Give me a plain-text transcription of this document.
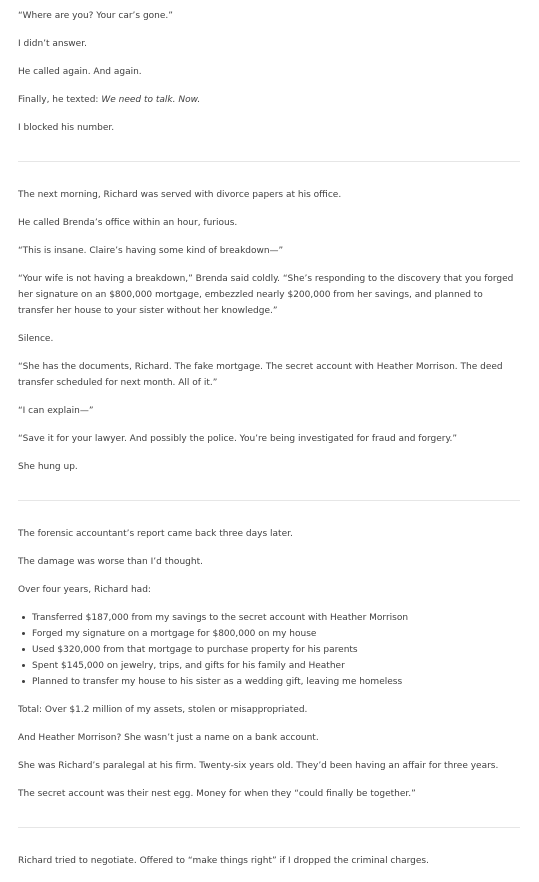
“Where are you? Your car’s gone.”

I didn’t answer.

He called again. And again.

Finally, he texted: We need to talk. Now.

I blocked his number.

The next morning, Richard was served with divorce papers at his office.

He called Brenda’s office within an hour, furious.

“This is insane. Claire’s having some kind of breakdown—”

“Your wife is not having a breakdown,” Brenda said coldly. “She’s responding to the discovery that you forged her signature on an $800,000 mortgage, embezzled nearly $200,000 from her savings, and planned to transfer her house to your sister without her knowledge.”

Silence.

“She has the documents, Richard. The fake mortgage. The secret account with Heather Morrison. The deed transfer scheduled for next month. All of it.”

“I can explain—”

“Save it for your lawyer. And possibly the police. You’re being investigated for fraud and forgery.”

She hung up.

The forensic accountant’s report came back three days later.

The damage was worse than I’d thought.

Over four years, Richard had:

Transferred $187,000 from my savings to the secret account with Heather Morrison
Forged my signature on a mortgage for $800,000 on my house
Used $320,000 from that mortgage to purchase property for his parents
Spent $145,000 on jewelry, trips, and gifts for his family and Heather
Planned to transfer my house to his sister as a wedding gift, leaving me homeless

Total: Over $1.2 million of my assets, stolen or misappropriated.

And Heather Morrison? She wasn’t just a name on a bank account.

She was Richard’s paralegal at his firm. Twenty-six years old. They’d been having an affair for three years.

The secret account was their nest egg. Money for when they “could finally be together.”

Richard tried to negotiate. Offered to “make things right” if I dropped the criminal charges.
